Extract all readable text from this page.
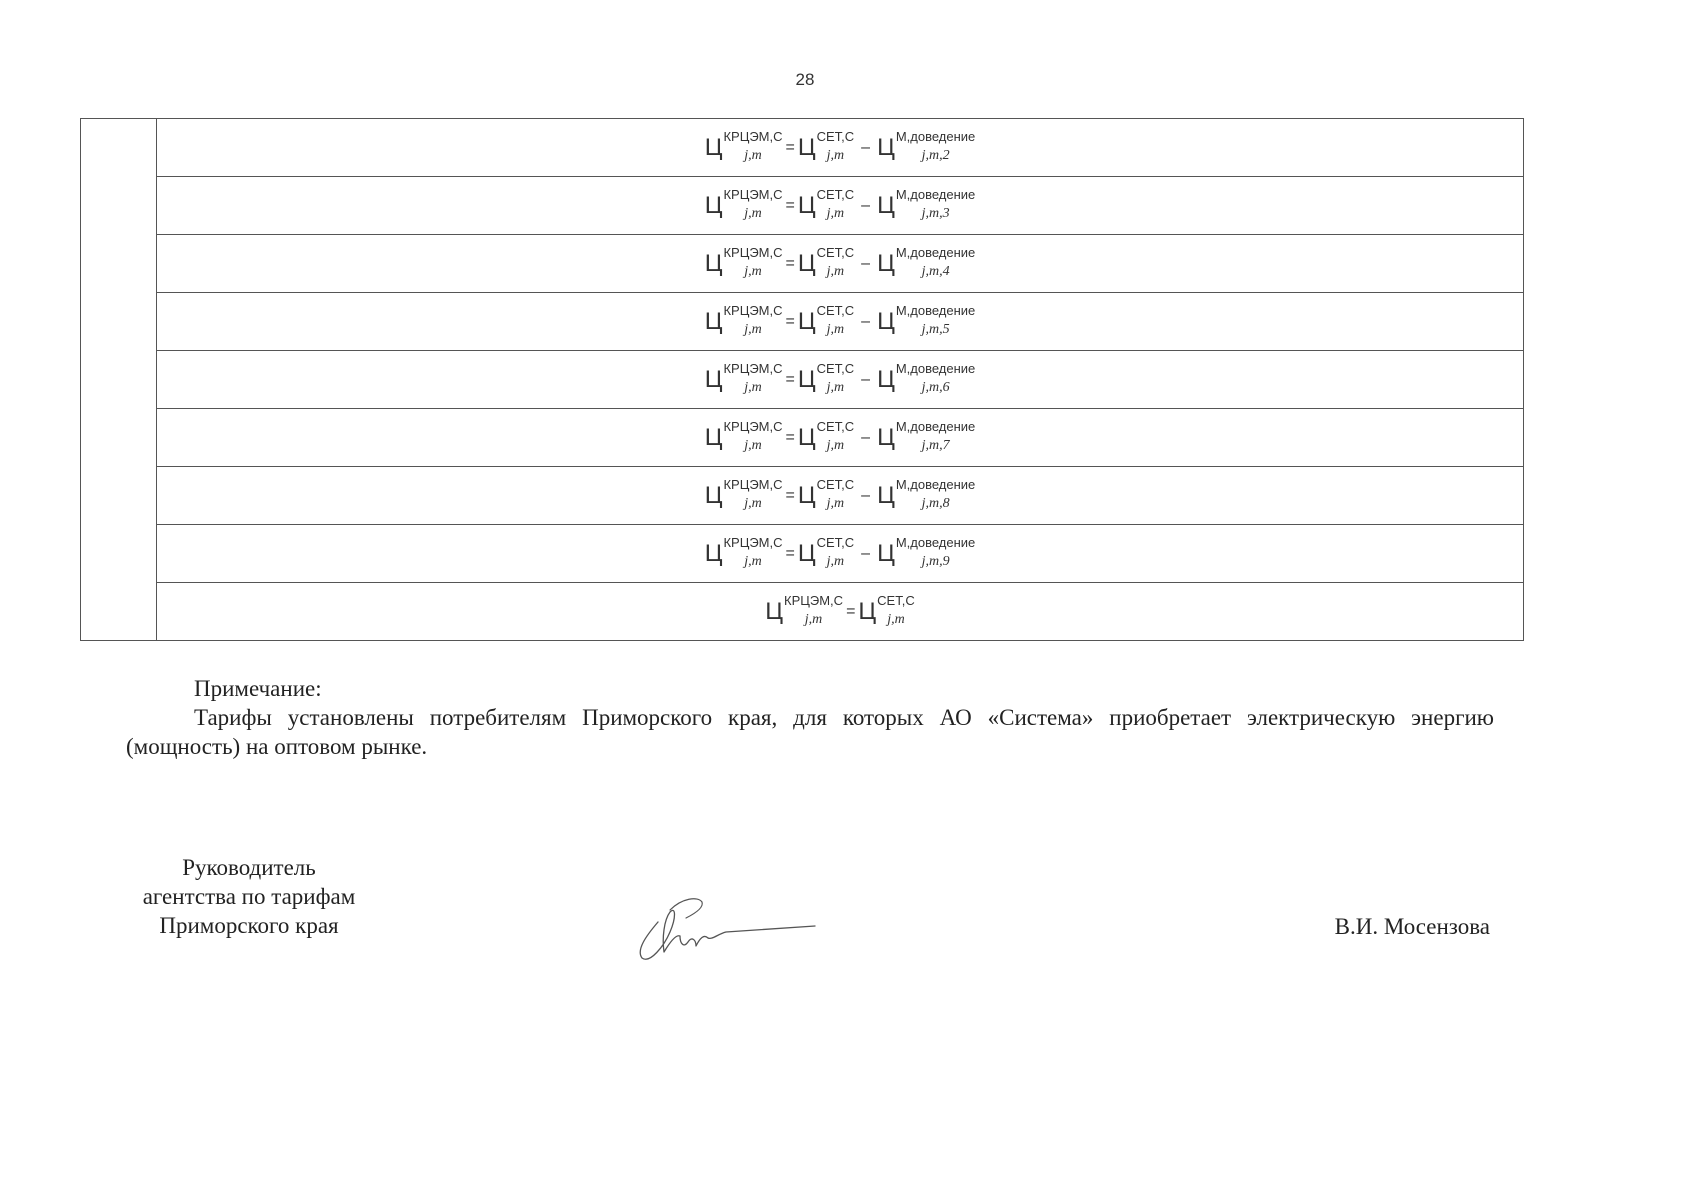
28

Ц КРЦЭМ,C
j,m	= Ц СЕТ,C
j,m	– Ц М,доведение
j,m,2

Ц КРЦЭМ,C
j,m	= Ц СЕТ,C
j,m	– Ц М,доведение
j,m,3

Ц КРЦЭМ,C
j,m	= Ц СЕТ,C
j,m	– Ц М,доведение
j,m,4

Ц КРЦЭМ,C
j,m	= Ц СЕТ,C
j,m	– Ц М,доведение
j,m,5

Ц КРЦЭМ,C
j,m	= Ц СЕТ,C
j,m	– Ц М,доведение
j,m,6

Ц КРЦЭМ,C
j,m	= Ц СЕТ,C
j,m	– Ц М,доведение
j,m,7

Ц КРЦЭМ,C
j,m	= Ц СЕТ,C
j,m	– Ц М,доведение
j,m,8

Ц КРЦЭМ,C
j,m	= Ц СЕТ,C
j,m	– Ц М,доведение
j,m,9

Ц КРЦЭМ,C
j,m	= Ц СЕТ,C
j,m

Примечание:

Тарифы установлены потребителям Приморского края, для которых АО «Система» приобретает электрическую энергию (мощность) на оптовом рынке.

Руководитель
агентства по тарифам
Приморского края	В.И. Мосензова
